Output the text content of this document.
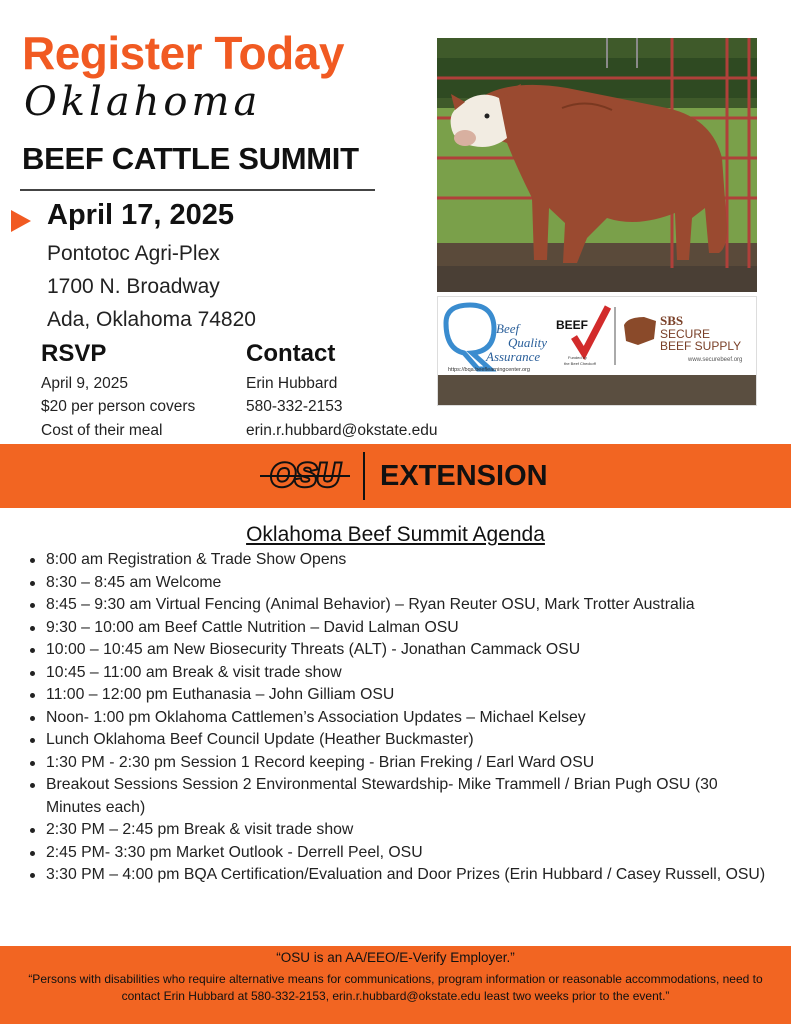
Register Today
Oklahoma
BEEF CATTLE SUMMIT
April 17, 2025
Pontotoc Agri-Plex
1700 N. Broadway
Ada, Oklahoma 74820
RSVP
April 9, 2025
$20 per person covers
Cost of their meal
Contact
Erin Hubbard
580-332-2153
erin.r.hubbard@okstate.edu
Beef
Quality
Assurance
https://bqa.beeflearningcenter.org
BEEF
Funded by
the Beef Checkoff
SBS
SECURE
BEEF SUPPLY
www.securebeef.org
OSU EXTENSION
Oklahoma Beef Summit Agenda
8:00 am Registration & Trade Show Opens
8:30 – 8:45 am Welcome
8:45 – 9:30 am Virtual Fencing (Animal Behavior) – Ryan Reuter OSU, Mark Trotter Australia
9:30 – 10:00 am Beef Cattle Nutrition – David Lalman OSU
10:00 – 10:45 am New Biosecurity Threats (ALT) - Jonathan Cammack OSU
10:45 – 11:00 am Break & visit trade show
11:00 – 12:00 pm Euthanasia – John Gilliam OSU
Noon- 1:00 pm Oklahoma Cattlemen’s Association Updates – Michael Kelsey
Lunch Oklahoma Beef Council Update (Heather Buckmaster)
1:30 PM - 2:30 pm Session 1 Record keeping - Brian Freking / Earl Ward OSU
Breakout Sessions Session 2 Environmental Stewardship- Mike Trammell / Brian Pugh OSU (30 Minutes each)
2:30 PM – 2:45 pm Break & visit trade show
2:45 PM- 3:30 pm Market Outlook - Derrell Peel, OSU
3:30 PM – 4:00 pm BQA Certification/Evaluation and Door Prizes (Erin Hubbard / Casey Russell, OSU)
“OSU is an AA/EEO/E-Verify Employer.”
“Persons with disabilities who require alternative means for communications, program information or reasonable accommodations, need to contact Erin Hubbard at 580-332-2153, erin.r.hubbard@okstate.edu least two weeks prior to the event.”
